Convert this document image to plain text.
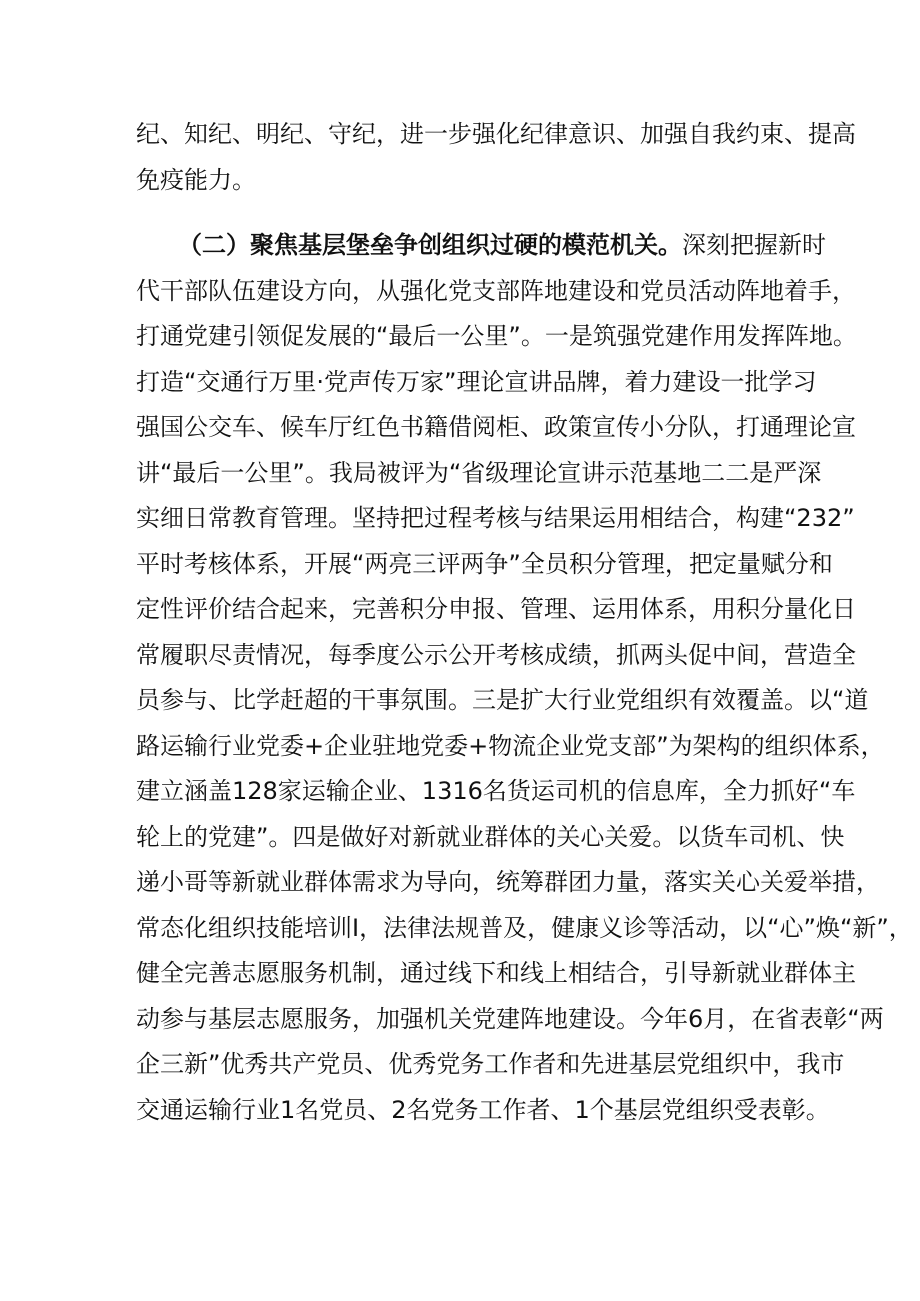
纪、知纪、明纪、守纪，进一步强化纪律意识、加强自我约束、提高
免疫能力。
（二）聚焦基层堡垒争创组织过硬的模范机关。深刻把握新时
代干部队伍建设方向，从强化党支部阵地建设和党员活动阵地着手，
打通党建引领促发展的“最后一公里”。一是筑强党建作用发挥阵地。
打造“交通行万里·党声传万家”理论宣讲品牌，着力建设一批学习
强国公交车、候车厅红色书籍借阅柜、政策宣传小分队，打通理论宣
讲“最后一公里”。我局被评为“省级理论宣讲示范基地二二是严深
实细日常教育管理。坚持把过程考核与结果运用相结合，构建“232”
平时考核体系，开展“两亮三评两争”全员积分管理，把定量赋分和
定性评价结合起来，完善积分申报、管理、运用体系，用积分量化日
常履职尽责情况，每季度公示公开考核成绩，抓两头促中间，营造全
员参与、比学赶超的干事氛围。三是扩大行业党组织有效覆盖。以“道
路运输行业党委+企业驻地党委+物流企业党支部”为架构的组织体系，
建立涵盖128家运输企业、1316名货运司机的信息库，全力抓好“车
轮上的党建”。四是做好对新就业群体的关心关爱。以货车司机、快
递小哥等新就业群体需求为导向，统筹群团力量，落实关心关爱举措，
常态化组织技能培训I，法律法规普及，健康义诊等活动，以“心”焕“新”，
健全完善志愿服务机制，通过线下和线上相结合，引导新就业群体主
动参与基层志愿服务，加强机关党建阵地建设。今年6月，在省表彰“两
企三新”优秀共产党员、优秀党务工作者和先进基层党组织中，我市
交通运输行业1名党员、2名党务工作者、1个基层党组织受表彰。
